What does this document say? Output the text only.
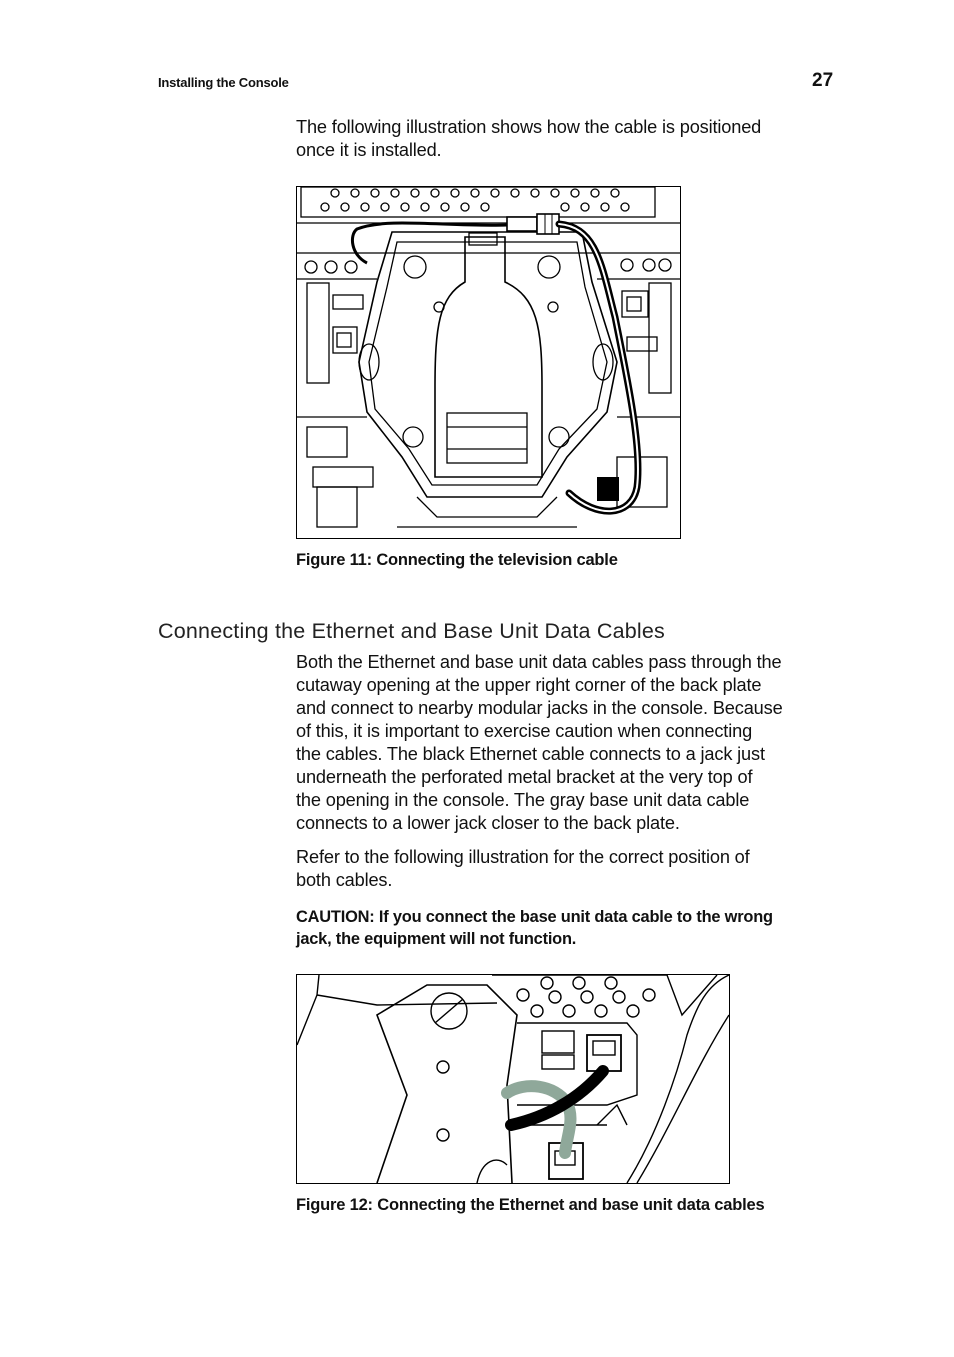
Installing the Console	27

The following illustration shows how the cable is positioned
once it is installed.

Figure 11: Connecting the television cable
Connecting the Ethernet and Base Unit Data Cables

Both the Ethernet and base unit data cables pass through the
cutaway opening at the upper right corner of the back plate
and connect to nearby modular jacks in the console. Because
of this, it is important to exercise caution when connecting
the cables. The black Ethernet cable connects to a jack just
underneath the perforated metal bracket at the very top of
the opening in the console. The gray base unit data cable
connects to a lower jack closer to the back plate.

Refer to the following illustration for the correct position of
both cables.

CAUTION: If you connect the base unit data cable to the wrong
jack, the equipment will not function.

Figure 12: Connecting the Ethernet and base unit data cables
